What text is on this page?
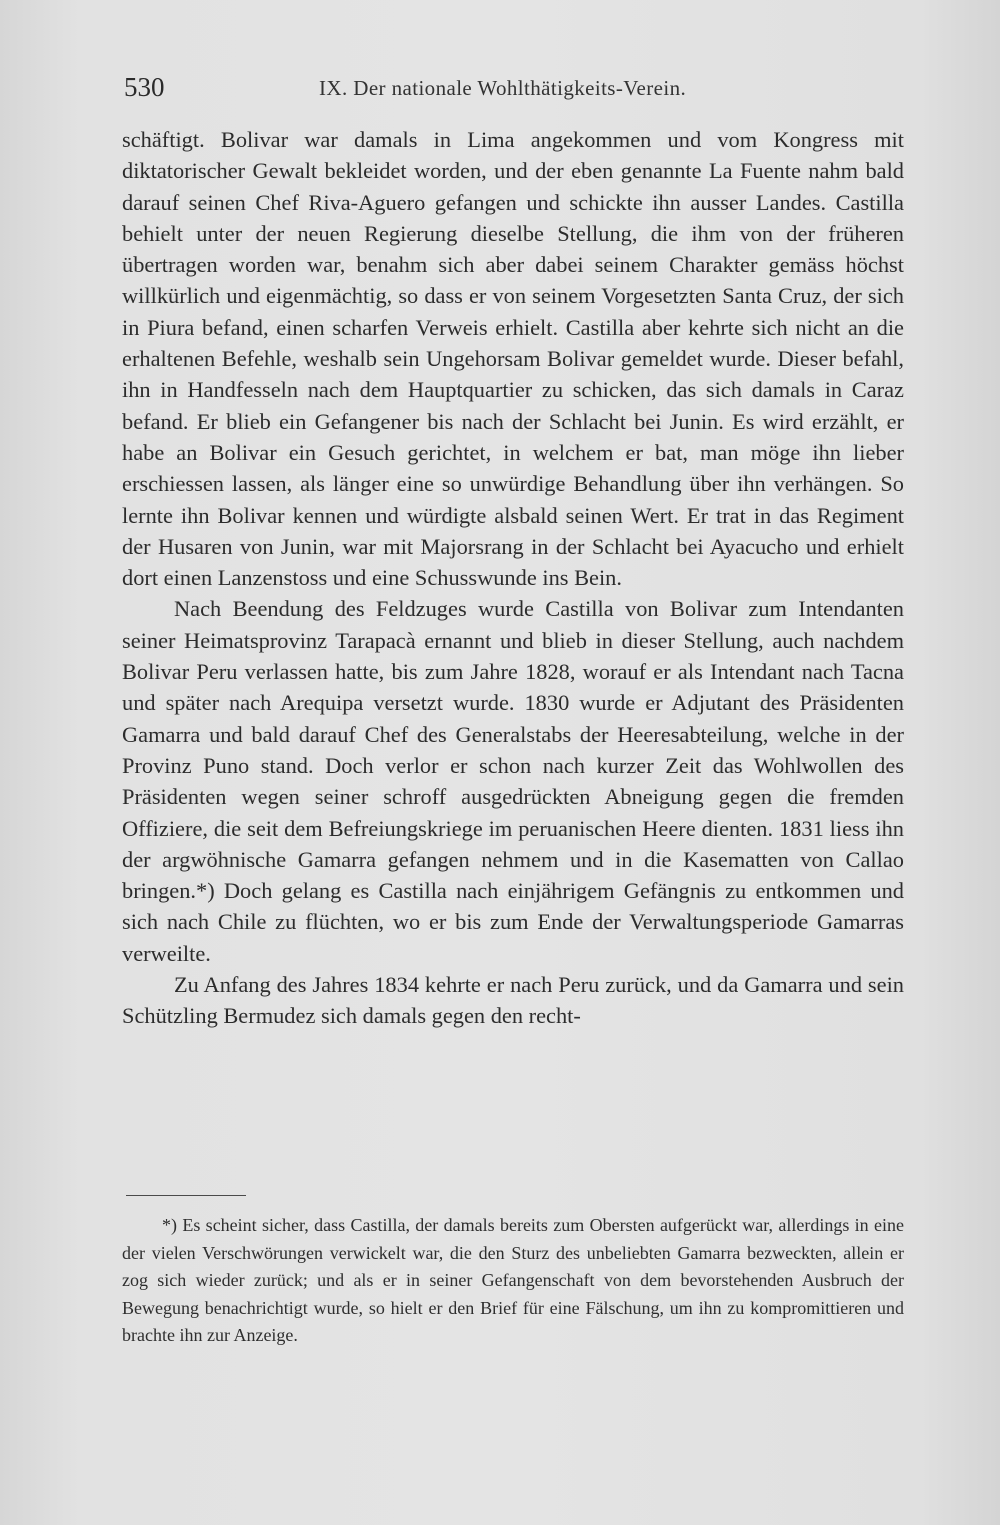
530	IX. Der nationale Wohlthätigkeits-Verein.

schäftigt. Bolivar war damals in Lima angekommen und vom Kongress mit diktatorischer Gewalt bekleidet worden, und der eben genannte La Fuente nahm bald darauf seinen Chef Riva-Aguero gefangen und schickte ihn ausser Landes. Castilla behielt unter der neuen Regierung dieselbe Stellung, die ihm von der früheren übertragen worden war, benahm sich aber dabei seinem Charakter gemäss höchst willkürlich und eigenmächtig, so dass er von seinem Vorgesetzten Santa Cruz, der sich in Piura befand, einen scharfen Verweis erhielt. Castilla aber kehrte sich nicht an die erhaltenen Befehle, weshalb sein Ungehorsam Bolivar gemeldet wurde. Dieser befahl, ihn in Handfesseln nach dem Hauptquartier zu schicken, das sich damals in Caraz befand. Er blieb ein Gefangener bis nach der Schlacht bei Junin. Es wird erzählt, er habe an Bolivar ein Gesuch gerichtet, in welchem er bat, man möge ihn lieber erschiessen lassen, als länger eine so unwürdige Behandlung über ihn verhängen. So lernte ihn Bolivar kennen und würdigte alsbald seinen Wert. Er trat in das Regiment der Husaren von Junin, war mit Majorsrang in der Schlacht bei Ayacucho und erhielt dort einen Lanzenstoss und eine Schusswunde ins Bein.

Nach Beendung des Feldzuges wurde Castilla von Bolivar zum Intendanten seiner Heimatsprovinz Tarapacà ernannt und blieb in dieser Stellung, auch nachdem Bolivar Peru verlassen hatte, bis zum Jahre 1828, worauf er als Intendant nach Tacna und später nach Arequipa versetzt wurde. 1830 wurde er Adjutant des Präsidenten Gamarra und bald darauf Chef des Generalstabs der Heeresabteilung, welche in der Provinz Puno stand. Doch verlor er schon nach kurzer Zeit das Wohlwollen des Präsidenten wegen seiner schroff ausgedrückten Abneigung gegen die fremden Offiziere, die seit dem Befreiungskriege im peruanischen Heere dienten. 1831 liess ihn der argwöhnische Gamarra gefangen nehmem und in die Kasematten von Callao bringen.*) Doch gelang es Castilla nach einjährigem Gefängnis zu entkommen und sich nach Chile zu flüchten, wo er bis zum Ende der Verwaltungsperiode Gamarras verweilte.

Zu Anfang des Jahres 1834 kehrte er nach Peru zurück, und da Gamarra und sein Schützling Bermudez sich damals gegen den recht-

*) Es scheint sicher, dass Castilla, der damals bereits zum Obersten aufgerückt war, allerdings in eine der vielen Verschwörungen verwickelt war, die den Sturz des unbeliebten Gamarra bezweckten, allein er zog sich wieder zurück; und als er in seiner Gefangenschaft von dem bevorstehenden Ausbruch der Bewegung benachrichtigt wurde, so hielt er den Brief für eine Fälschung, um ihn zu kompromittieren und brachte ihn zur Anzeige.
